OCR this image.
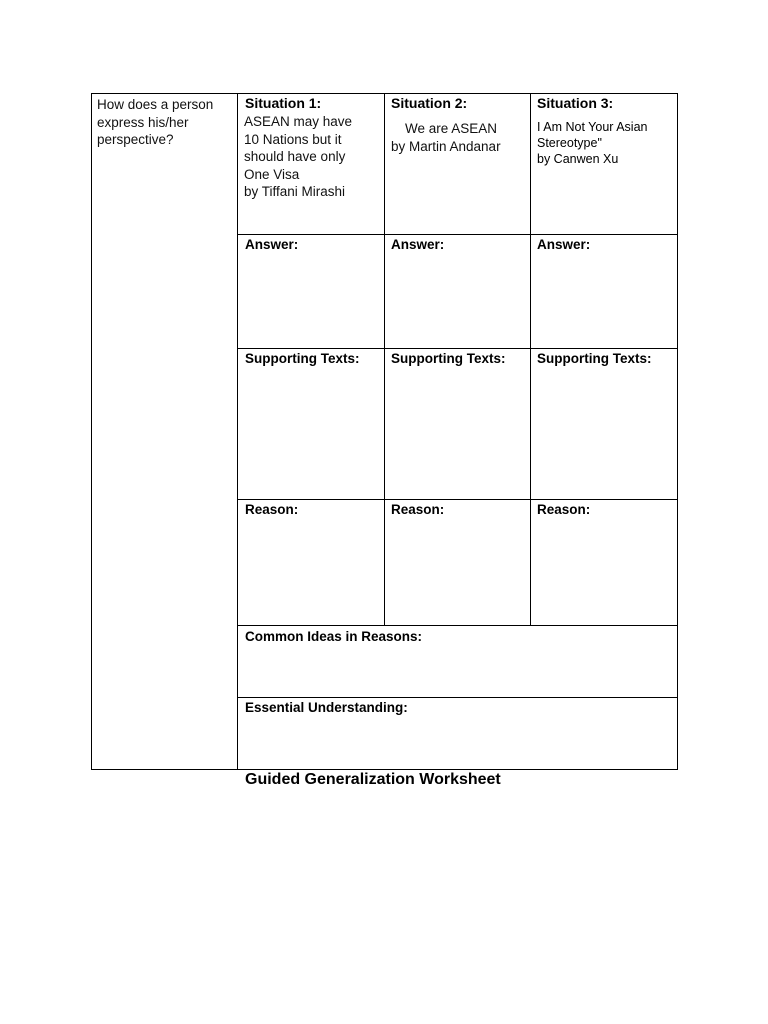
How does a person
express his/her
perspective?
Situation 1:
ASEAN may have
10 Nations but it
should have only
One Visa
by Tiffani Mirashi
Situation 2:
We are ASEAN
by Martin Andanar
Situation 3:
I Am Not Your Asian
Stereotype"
by Canwen Xu
Answer:	Answer:	Answer:
Supporting Texts: Supporting Texts: Supporting Texts:
Reason:	Reason:	Reason:
Common Ideas in Reasons:
Essential Understanding:
Guided Generalization Worksheet
